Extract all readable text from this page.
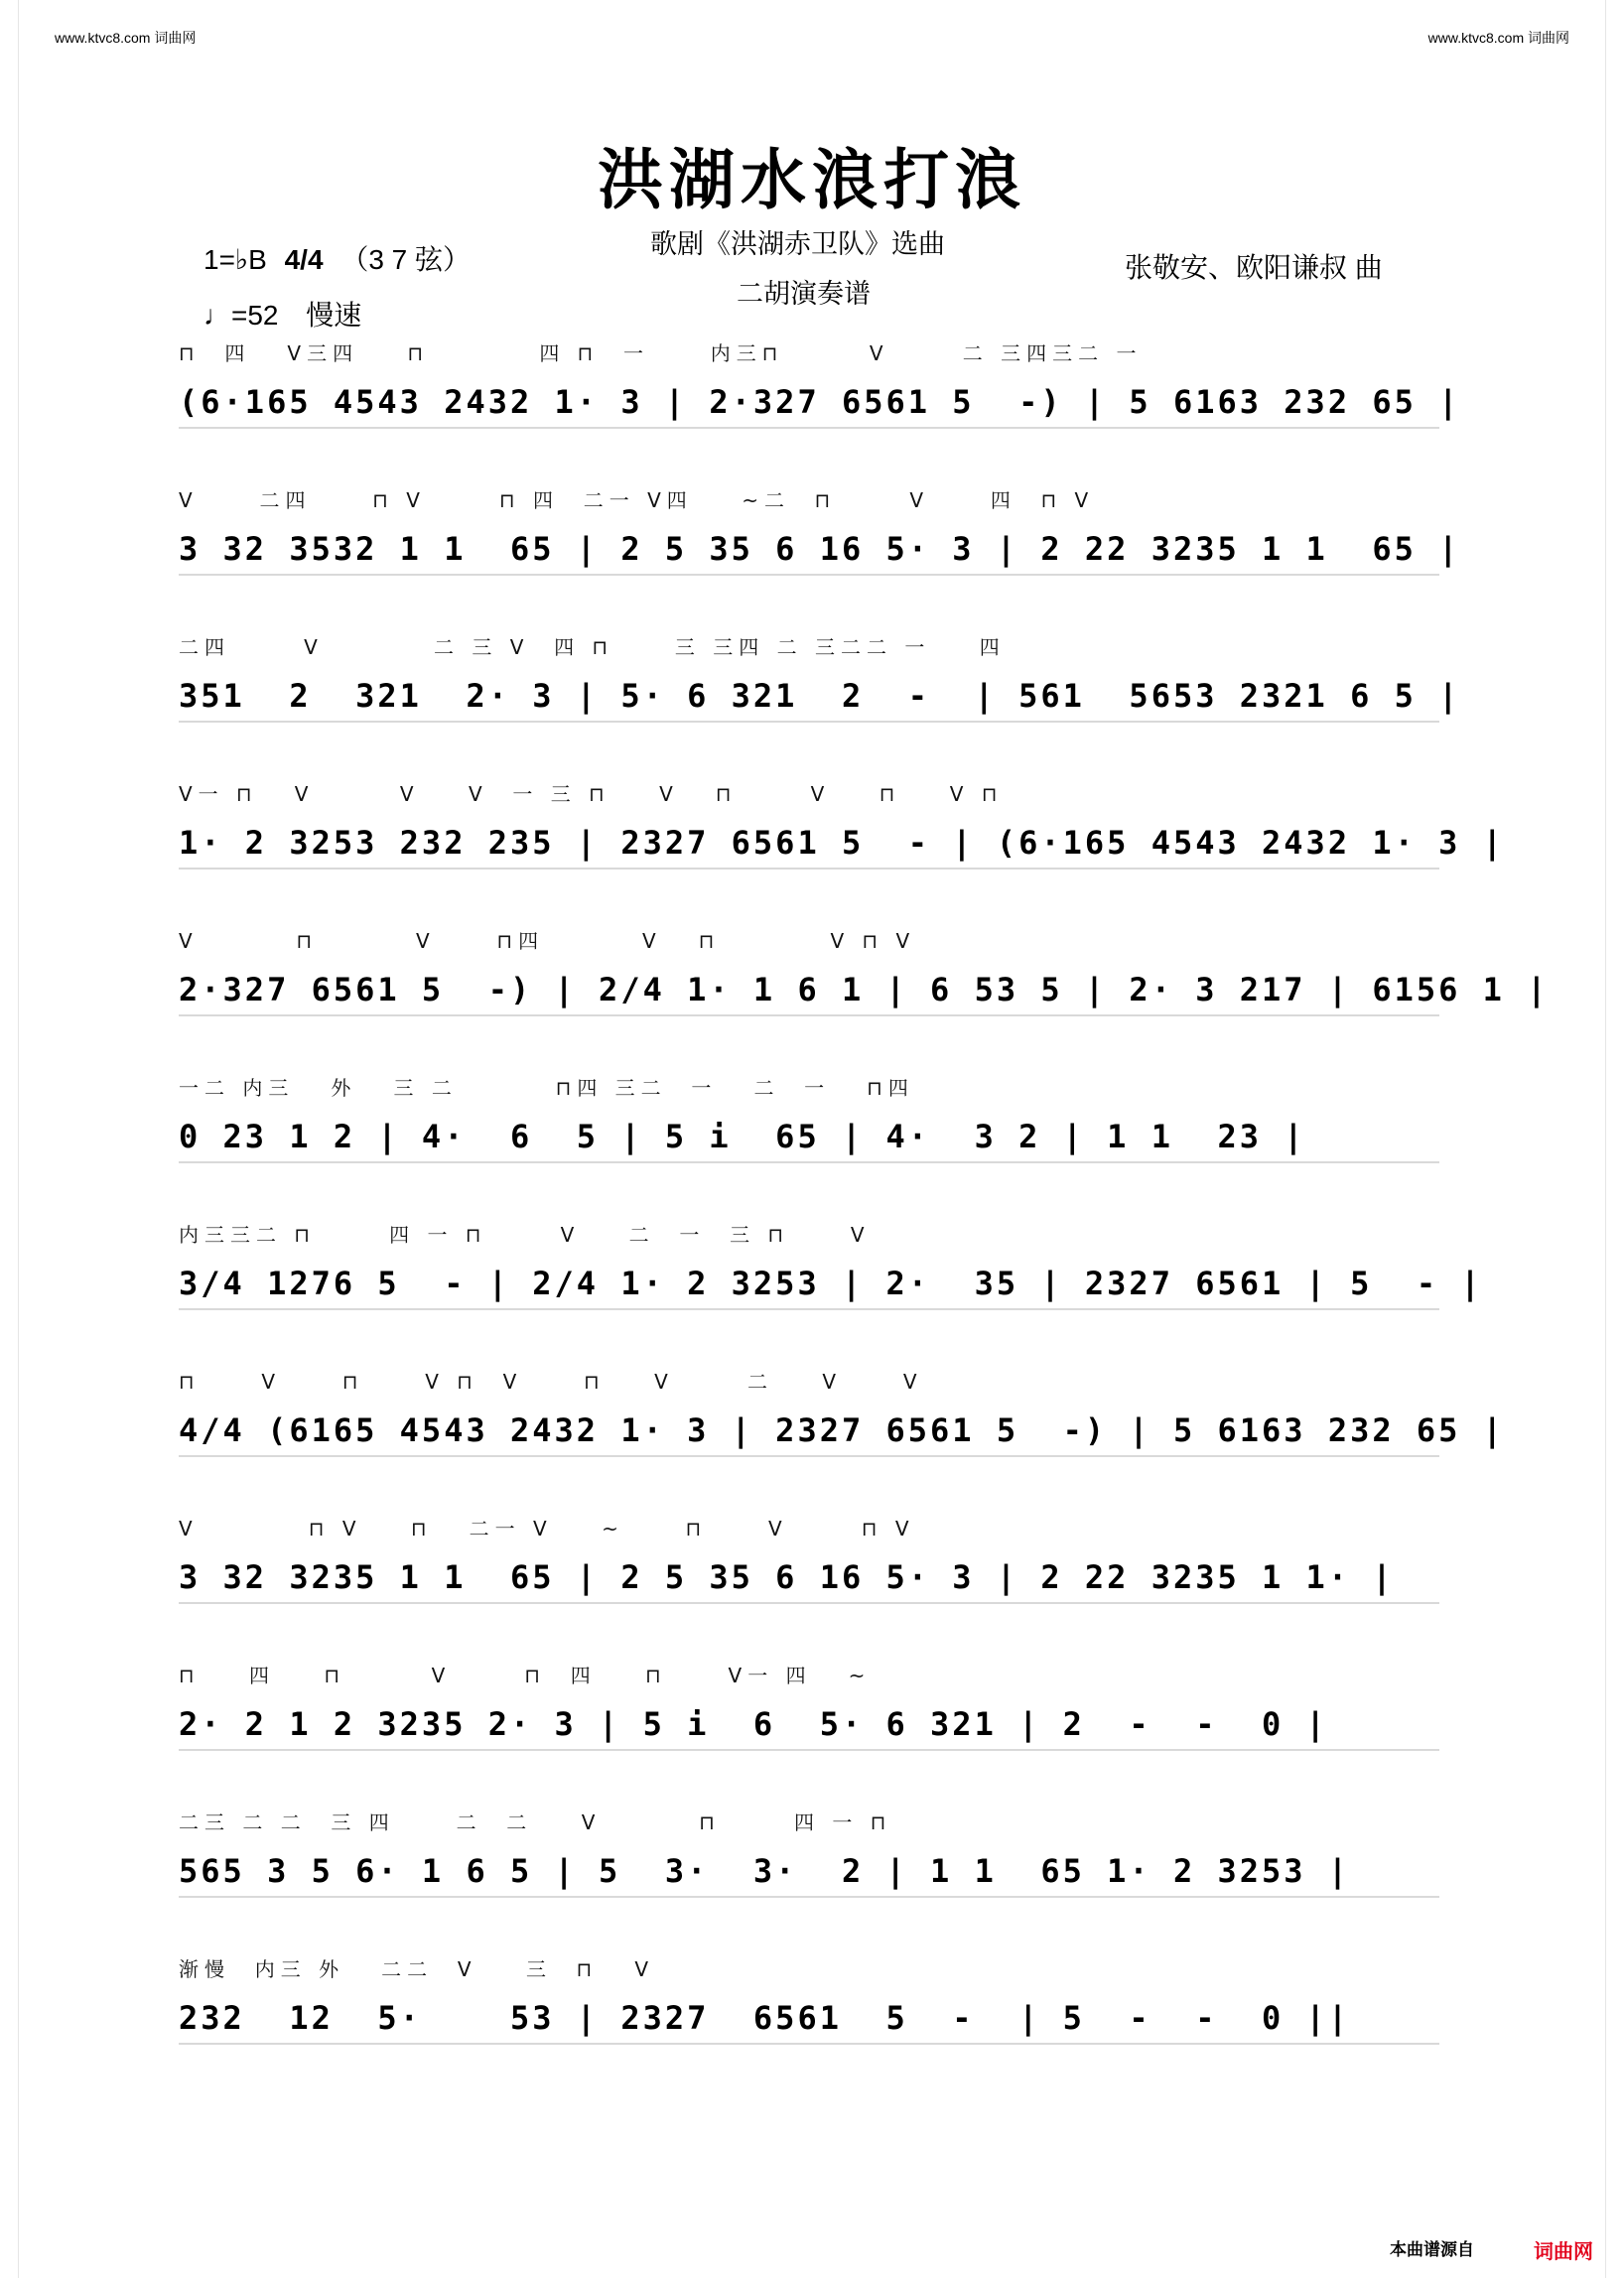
www.ktvc8.com 词曲网	www.ktvc8.com 词曲网
洪湖水浪打浪
1=♭B 4/4 （3 7 弦）
♩=52 慢速
歌剧《洪湖赤卫队》选曲
二胡演奏谱
张敬安、欧阳谦叔 曲
⊓  四   V三四    ⊓         四 ⊓  一     内三⊓       V      二 三四三二 一
(6·165 4543 2432 1· 3 | 2·327 6561 5  -) | 5 6163 232 65 |
V     二四     ⊓ V      ⊓ 四  二一 V四    ~二  ⊓      V     四  ⊓ V
3 32 3532 1 1  65 | 2 5 35 6 16 5· 3 | 2 22 3235 1 1  65 |
二四      V         二 三 V  四 ⊓     三 三四 二 三二二 一    四
351  2  321  2· 3 | 5· 6 321  2  -  | 561  5653 2321 6 5 |
V一 ⊓   V       V    V  一 三 ⊓    V   ⊓      V    ⊓    V ⊓
1· 2 3253 232 235 | 2327 6561 5  - | (6·165 4543 2432 1· 3 |
V        ⊓        V     ⊓四        V   ⊓         V ⊓ V
2·327 6561 5  -) | 2/4 1· 1 6 1 | 6 53 5 | 2· 3 217 | 6156 1 |
一二 内三   外   三 二        ⊓四 三二  一   二  一   ⊓四
0 23 1 2 | 4·  6  5 | 5 i  65 | 4·  3 2 | 1 1  23 |
内三三二 ⊓      四 一 ⊓      V    二  一  三 ⊓     V
3/4 1276 5  - | 2/4 1· 2 3253 | 2·  35 | 2327 6561 | 5  - |
⊓     V     ⊓     V ⊓  V     ⊓    V      二    V     V
4/4 (6165 4543 2432 1· 3 | 2327 6561 5  -) | 5 6163 232 65 |
V         ⊓ V    ⊓   二一 V    ~     ⊓     V      ⊓ V
3 32 3235 1 1  65 | 2 5 35 6 16 5· 3 | 2 22 3235 1 1· |
⊓    四    ⊓       V      ⊓  四    ⊓     V一 四   ~
2· 2 1 2 3235 2· 3 | 5 i  6  5· 6 321 | 2  -  -  0 |
二三 二 二  三 四     二  二    V        ⊓      四 一 ⊓
565 3 5 6· 1 6 5 | 5  3·  3·  2 | 1 1  65 1· 2 3253 |
渐慢  内三 外   二二  V    三  ⊓   V
232  12  5·    53 | 2327  6561  5  -  | 5  -  -  0 ||
本曲谱源自	词曲网
